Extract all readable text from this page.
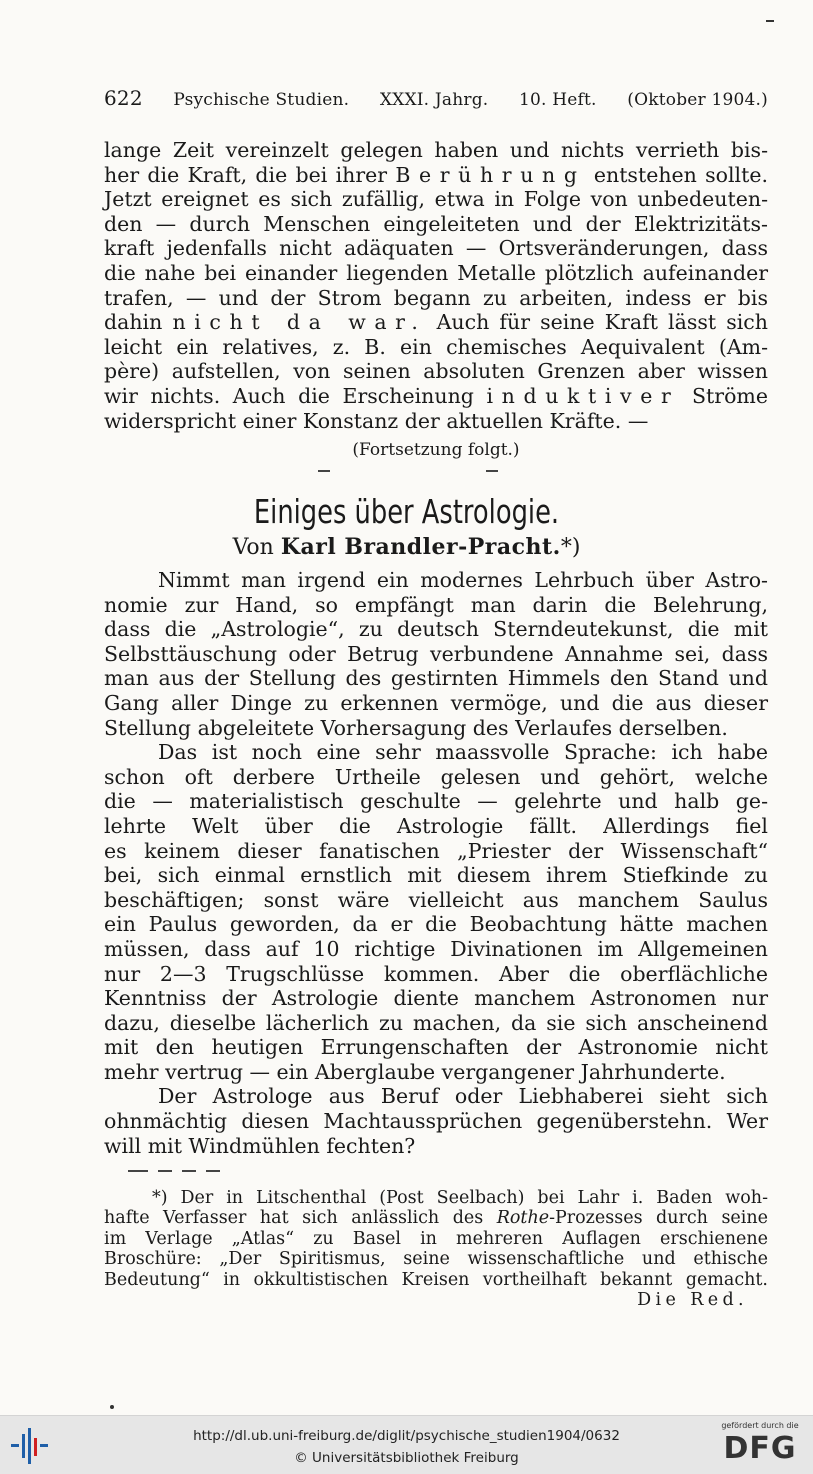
622 Psychische Studien. XXXI. Jahrg. 10. Heft. (Oktober 1904.)

lange Zeit vereinzelt gelegen haben und nichts verrieth bis-

her die Kraft, die bei ihrer Berührung entstehen sollte.

Jetzt ereignet es sich zufällig, etwa in Folge von unbedeuten-

den — durch Menschen eingeleiteten und der Elektrizitäts-

kraft jedenfalls nicht adäquaten — Ortsveränderungen, dass

die nahe bei einander liegenden Metalle plötzlich aufeinander

trafen, — und der Strom begann zu arbeiten, indess er bis

dahin nicht da war. Auch für seine Kraft lässt sich

leicht ein relatives, z. B. ein chemisches Aequivalent (Am-

père) aufstellen, von seinen absoluten Grenzen aber wissen

wir nichts. Auch die Erscheinung induktiver Ströme

widerspricht einer Konstanz der aktuellen Kräfte. —

(Fortsetzung folgt.)
Einiges über Astrologie.
Von Karl Brandler-Pracht.*)

Nimmt man irgend ein modernes Lehrbuch über Astro-

nomie zur Hand, so empfängt man darin die Belehrung,

dass die „Astrologie“, zu deutsch Sterndeutekunst, die mit

Selbsttäuschung oder Betrug verbundene Annahme sei, dass

man aus der Stellung des gestirnten Himmels den Stand und

Gang aller Dinge zu erkennen vermöge, und die aus dieser

Stellung abgeleitete Vorhersagung des Verlaufes derselben.

Das ist noch eine sehr maassvolle Sprache: ich habe

schon oft derbere Urtheile gelesen und gehört, welche

die — materialistisch geschulte — gelehrte und halb ge-

lehrte Welt über die Astrologie fällt. Allerdings fiel

es keinem dieser fanatischen „Priester der Wissenschaft“

bei, sich einmal ernstlich mit diesem ihrem Stiefkinde zu

beschäftigen; sonst wäre vielleicht aus manchem Saulus

ein Paulus geworden, da er die Beobachtung hätte machen

müssen, dass auf 10 richtige Divinationen im Allgemeinen

nur 2—3 Trugschlüsse kommen. Aber die oberflächliche

Kenntniss der Astrologie diente manchem Astronomen nur

dazu, dieselbe lächerlich zu machen, da sie sich anscheinend

mit den heutigen Errungenschaften der Astronomie nicht

mehr vertrug — ein Aberglaube vergangener Jahrhunderte.

Der Astrologe aus Beruf oder Liebhaberei sieht sich

ohnmächtig diesen Machtaussprüchen gegenüberstehn. Wer

will mit Windmühlen fechten?

*) Der in Litschenthal (Post Seelbach) bei Lahr i. Baden woh-

hafte Verfasser hat sich anlässlich des Rothe-Prozesses durch seine

im Verlage „Atlas“ zu Basel in mehreren Auflagen erschienene

Broschüre: „Der Spiritismus, seine wissenschaftliche und ethische

Bedeutung“ in okkultistischen Kreisen vortheilhaft bekannt gemacht.

Die Red.

http://dl.ub.uni-freiburg.de/diglit/psychische_studien1904/0632
© Universitätsbibliothek Freiburg
gefördert durch die
DFG
